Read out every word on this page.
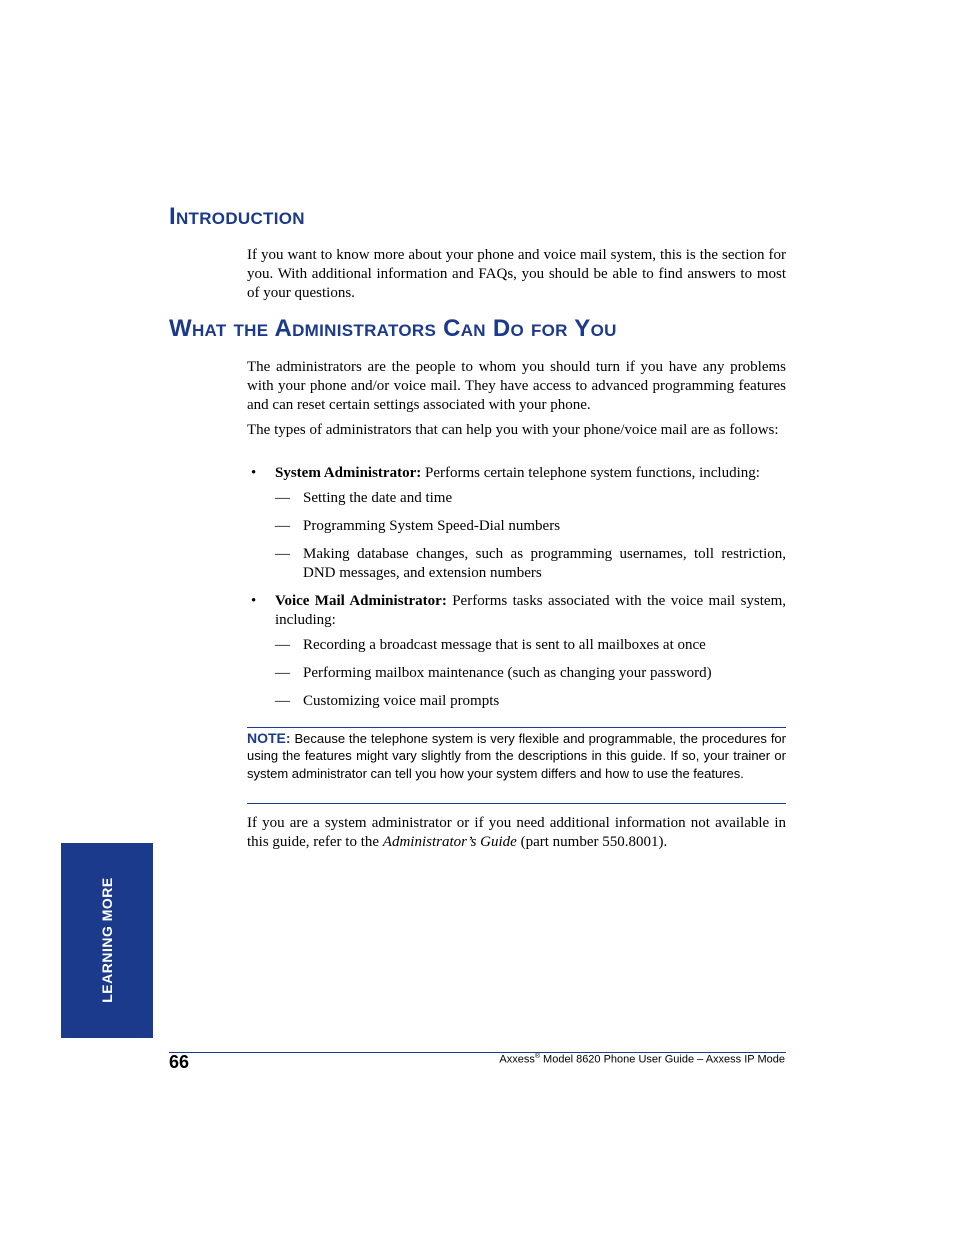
Introduction

If you want to know more about your phone and voice mail system, this is the section for you. With additional information and FAQs, you should be able to find answers to most of your questions.

What the Administrators Can Do for You

The administrators are the people to whom you should turn if you have any problems with your phone and/or voice mail. They have access to advanced programming features and can reset certain settings associated with your phone.

The types of administrators that can help you with your phone/voice mail are as follows:

• System Administrator: Performs certain telephone system functions, including:

— Setting the date and time

— Programming System Speed-Dial numbers

— Making database changes, such as programming usernames, toll restriction, DND messages, and extension numbers

• Voice Mail Administrator: Performs tasks associated with the voice mail system, including:

— Recording a broadcast message that is sent to all mailboxes at once

— Performing mailbox maintenance (such as changing your password)

— Customizing voice mail prompts

NOTE: Because the telephone system is very flexible and programmable, the procedures for using the features might vary slightly from the descriptions in this guide. If so, your trainer or system administrator can tell you how your system differs and how to use the features.

If you are a system administrator or if you need additional information not available in this guide, refer to the Administrator’s Guide (part number 550.8001).

LEARNING MORE
66	Axxess® Model 8620 Phone User Guide – Axxess IP Mode
